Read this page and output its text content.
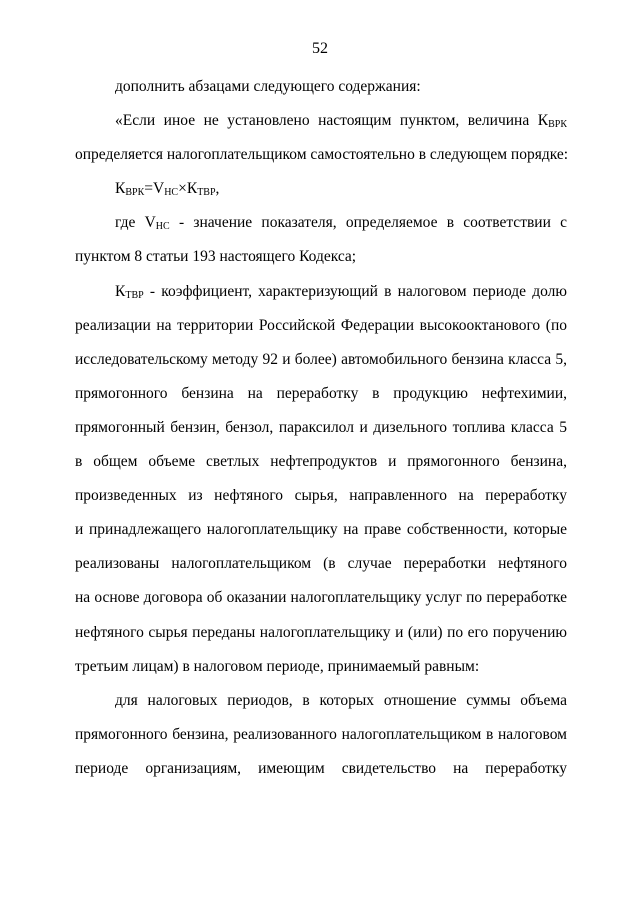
52
дополнить абзацами следующего содержания:
«Если иное не установлено настоящим пунктом, величина $К_{ВРК}$
определяется налогоплательщиком самостоятельно в следующем порядке:
$К_{ВРК}=V_{НС}\times К_{ТВР}$,
где $V_{НС}$ - значение показателя, определяемое в соответствии с
пунктом 8 статьи 193 настоящего Кодекса;
$К_{ТВР}$ - коэффициент, характеризующий в налоговом периоде долю
реализации на территории Российской Федерации высокооктанового (по
исследовательскому методу 92 и более) автомобильного бензина класса 5,
прямогонного бензина на переработку в продукцию нефтехимии,
прямогонный бензин, бензол, параксилол и дизельного топлива класса 5
в общем объеме светлых нефтепродуктов и прямогонного бензина,
произведенных из нефтяного сырья, направленного на переработку
и принадлежащего налогоплательщику на праве собственности, которые
реализованы налогоплательщиком (в случае переработки нефтяного
на основе договора об оказании налогоплательщику услуг по переработке
нефтяного сырья переданы налогоплательщику и (или) по его поручению
третьим лицам) в налоговом периоде, принимаемый равным:
для налоговых периодов, в которых отношение суммы объема
прямогонного бензина, реализованного налогоплательщиком в налоговом
периоде организациям, имеющим свидетельство на переработку
